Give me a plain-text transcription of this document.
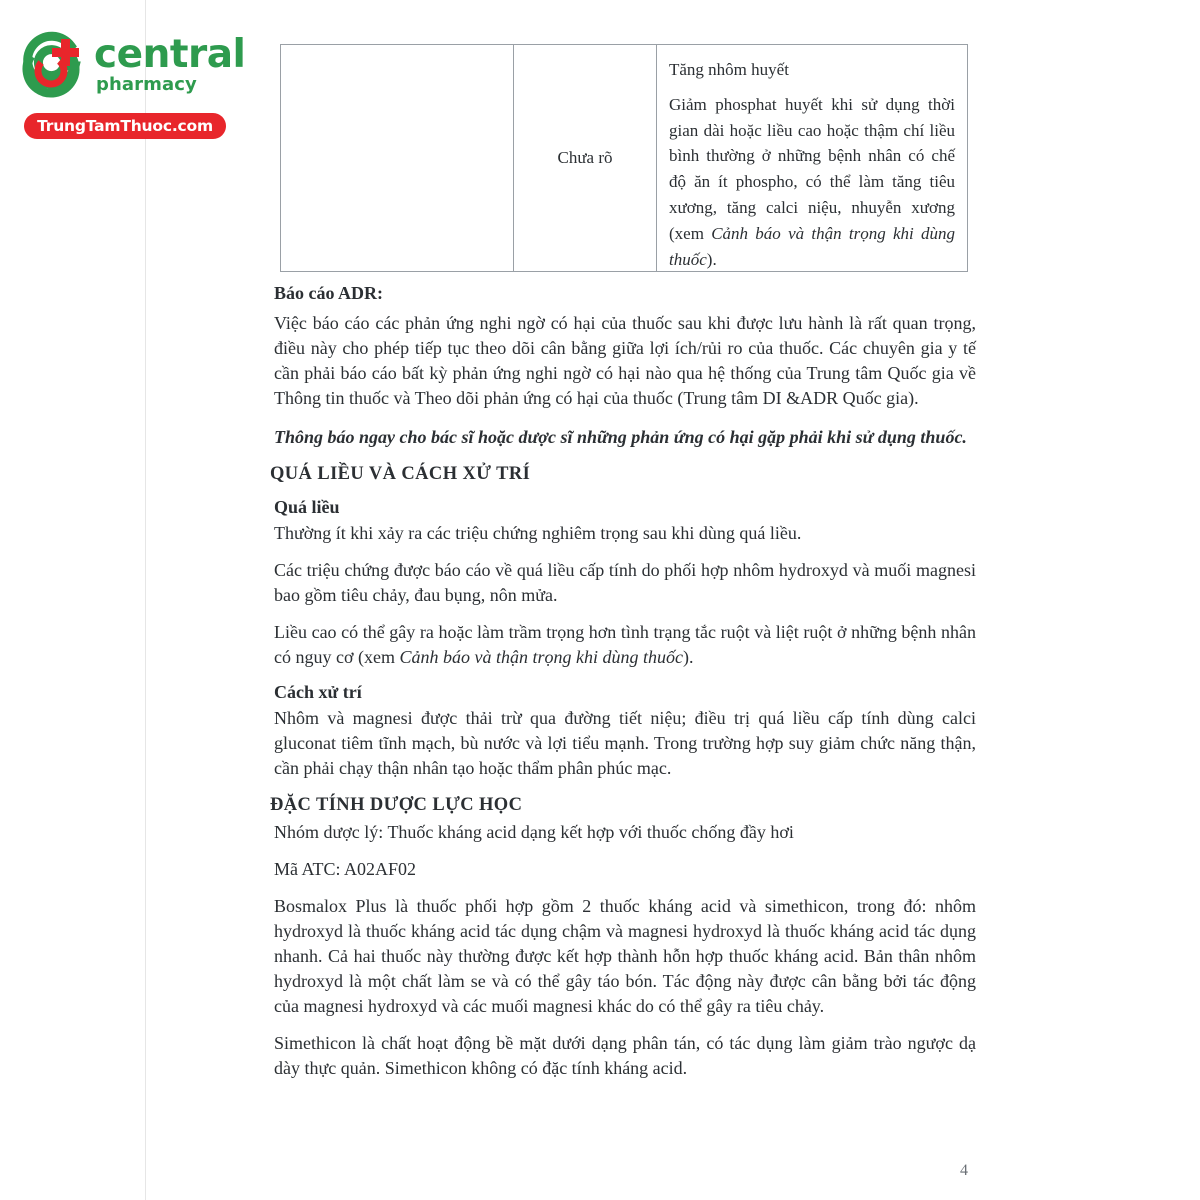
central
pharmacy
TrungTamThuoc.com
Chưa rõ

Tăng nhôm huyết

Giảm phosphat huyết khi sử dụng thời gian dài hoặc liều cao hoặc thậm chí liều bình thường ở những bệnh nhân có chế độ ăn ít phospho, có thể làm tăng tiêu xương, tăng calci niệu, nhuyễn xương (xem Cảnh báo và thận trọng khi dùng thuốc).

Báo cáo ADR:

Việc báo cáo các phản ứng nghi ngờ có hại của thuốc sau khi được lưu hành là rất quan trọng, điều này cho phép tiếp tục theo dõi cân bằng giữa lợi ích/rủi ro của thuốc. Các chuyên gia y tế cần phải báo cáo bất kỳ phản ứng nghi ngờ có hại nào qua hệ thống của Trung tâm Quốc gia về Thông tin thuốc và Theo dõi phản ứng có hại của thuốc (Trung tâm DI &ADR Quốc gia).

Thông báo ngay cho bác sĩ hoặc dược sĩ những phản ứng có hại gặp phải khi sử dụng thuốc.

QUÁ LIỀU VÀ CÁCH XỬ TRÍ
Quá liều

Thường ít khi xảy ra các triệu chứng nghiêm trọng sau khi dùng quá liều.

Các triệu chứng được báo cáo về quá liều cấp tính do phối hợp nhôm hydroxyd và muối magnesi bao gồm tiêu chảy, đau bụng, nôn mửa.

Liều cao có thể gây ra hoặc làm trầm trọng hơn tình trạng tắc ruột và liệt ruột ở những bệnh nhân có nguy cơ (xem Cảnh báo và thận trọng khi dùng thuốc).

Cách xử trí

Nhôm và magnesi được thải trừ qua đường tiết niệu; điều trị quá liều cấp tính dùng calci gluconat tiêm tĩnh mạch, bù nước và lợi tiểu mạnh. Trong trường hợp suy giảm chức năng thận, cần phải chạy thận nhân tạo hoặc thẩm phân phúc mạc.

ĐẶC TÍNH DƯỢC LỰC HỌC

Nhóm dược lý: Thuốc kháng acid dạng kết hợp với thuốc chống đầy hơi

Mã ATC: A02AF02

Bosmalox Plus là thuốc phối hợp gồm 2 thuốc kháng acid và simethicon, trong đó: nhôm hydroxyd là thuốc kháng acid tác dụng chậm và magnesi hydroxyd là thuốc kháng acid tác dụng nhanh. Cả hai thuốc này thường được kết hợp thành hỗn hợp thuốc kháng acid. Bản thân nhôm hydroxyd là một chất làm se và có thể gây táo bón. Tác động này được cân bằng bởi tác động của magnesi hydroxyd và các muối magnesi khác do có thể gây ra tiêu chảy.

Simethicon là chất hoạt động bề mặt dưới dạng phân tán, có tác dụng làm giảm trào ngược dạ dày thực quản. Simethicon không có đặc tính kháng acid.

4
